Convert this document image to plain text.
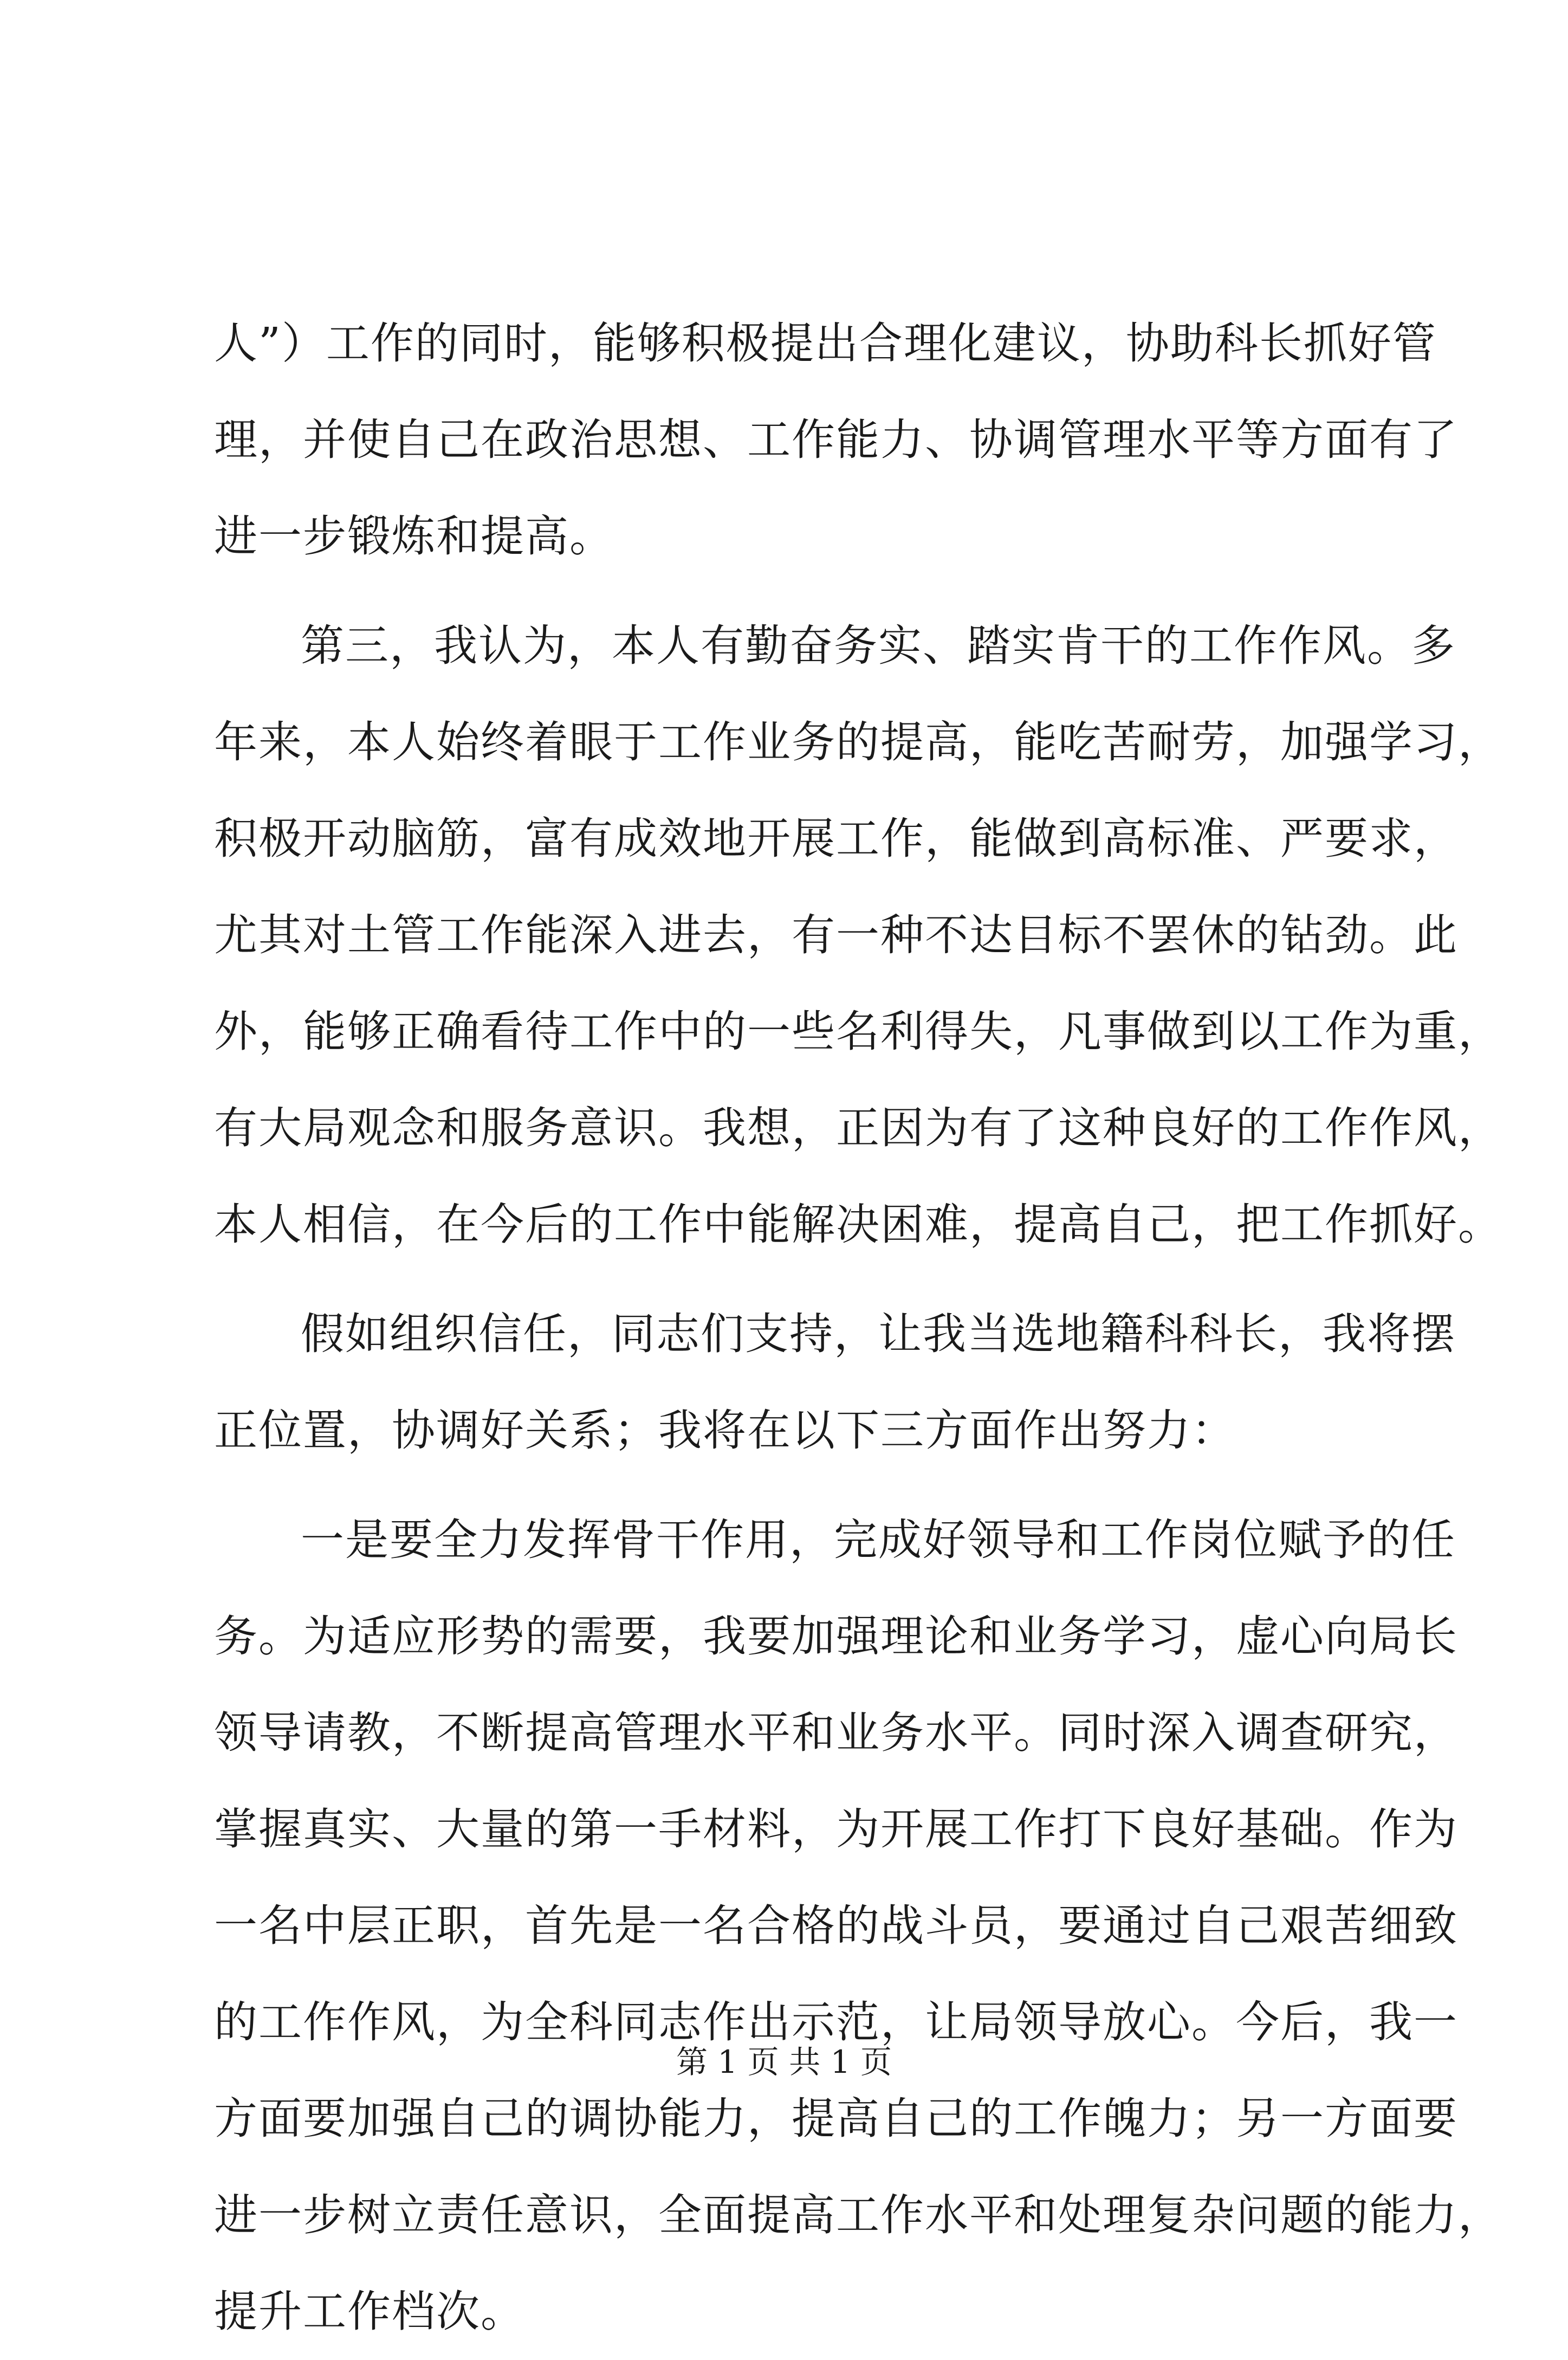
人”）工作的同时，能够积极提出合理化建议，协助科长抓好管
理，并使自己在政治思想、工作能力、协调管理水平等方面有了
进一步锻炼和提高。
第三，我认为，本人有勤奋务实、踏实肯干的工作作风。多
年来，本人始终着眼于工作业务的提高，能吃苦耐劳，加强学习，
积极开动脑筋，富有成效地开展工作，能做到高标准、严要求，
尤其对土管工作能深入进去，有一种不达目标不罢休的钻劲。此
外，能够正确看待工作中的一些名利得失，凡事做到以工作为重，
有大局观念和服务意识。我想，正因为有了这种良好的工作作风，
本人相信，在今后的工作中能解决困难，提高自己，把工作抓好。
假如组织信任，同志们支持，让我当选地籍科科长，我将摆
正位置，协调好关系；我将在以下三方面作出努力：
一是要全力发挥骨干作用，完成好领导和工作岗位赋予的任
务。为适应形势的需要，我要加强理论和业务学习，虚心向局长
领导请教，不断提高管理水平和业务水平。同时深入调查研究，
掌握真实、大量的第一手材料，为开展工作打下良好基础。作为
一名中层正职，首先是一名合格的战斗员，要通过自己艰苦细致
的工作作风，为全科同志作出示范，让局领导放心。今后，我一
方面要加强自己的调协能力，提高自己的工作魄力；另一方面要
进一步树立责任意识，全面提高工作水平和处理复杂问题的能力，
提升工作档次。
第 1 页 共 1 页
